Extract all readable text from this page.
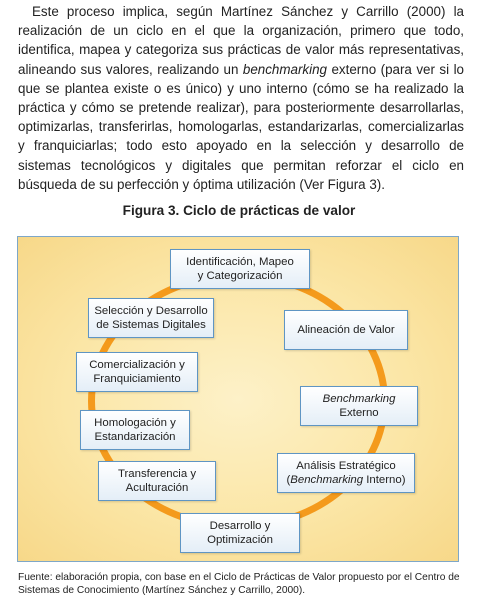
Este proceso implica, según Martínez Sánchez y Carrillo (2000) la realización de un ciclo en el que la organización, primero que todo, identifica, mapea y categoriza sus prácticas de valor más representativas, alineando sus valores, realizando un benchmarking externo (para ver si lo que se plantea existe o es único) y uno interno (cómo se ha realizado la práctica y cómo se pretende realizar), para posteriormente desarrollarlas, optimizarlas, transferirlas, homologarlas, estandarizarlas, comercializarlas y franquiciarlas; todo esto apoyado en la selección y desarrollo de sistemas tecnológicos y digitales que permitan reforzar el ciclo en búsqueda de su perfección y óptima utilización (Ver Figura 3).

Figura 3. Ciclo de prácticas de valor
Identificación, Mapeo
y Categorización
Alineación de Valor
Benchmarking
Externo
Análisis Estratégico
(Benchmarking Interno)
Desarrollo y
Optimización
Transferencia y
Aculturación
Homologación y
Estandarización
Comercialización y
Franquiciamiento
Selección y Desarrollo
de Sistemas Digitales
Fuente: elaboración propia, con base en el Ciclo de Prácticas de Valor propuesto por el Centro de Sistemas de Conocimiento (Martínez Sánchez y Carrillo, 2000).
